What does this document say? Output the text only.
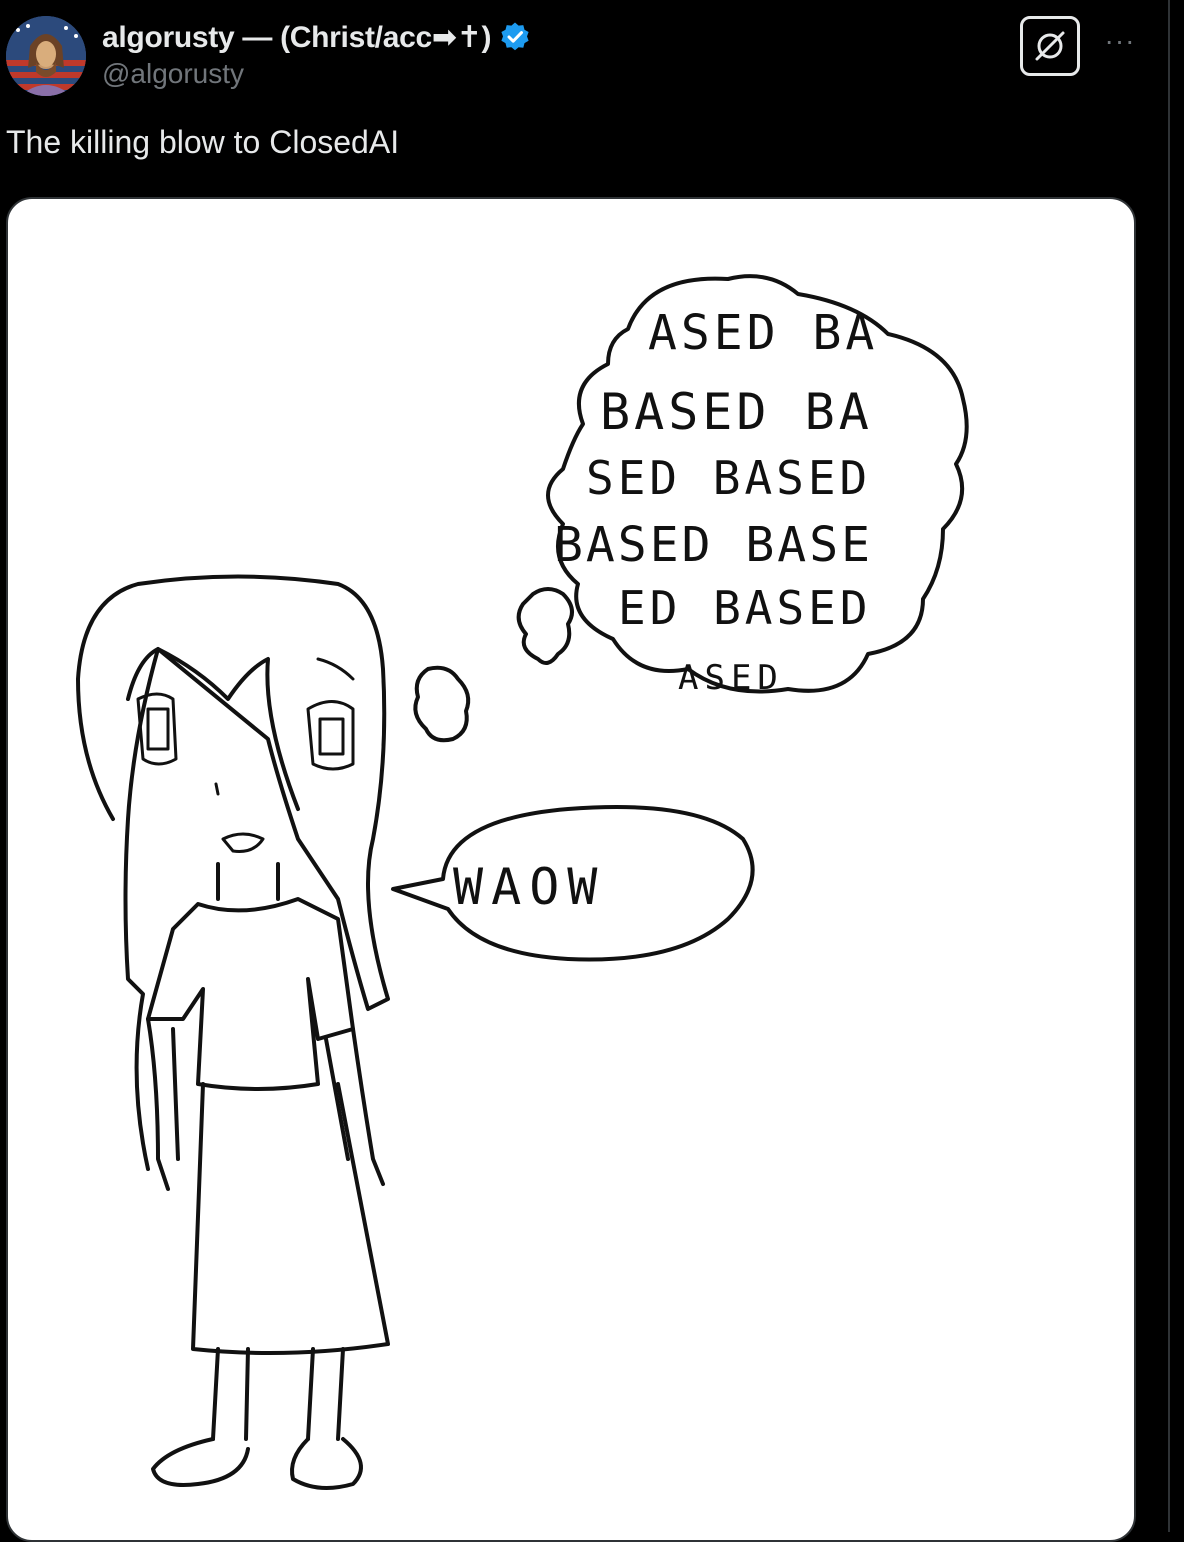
algorusty — (Christ/acc➡✝)
@algorusty
···
The killing blow to ClosedAI
ASED BA
BASED BA
SED BASED
BASED BASE
ED BASED
ASED
WAOW
